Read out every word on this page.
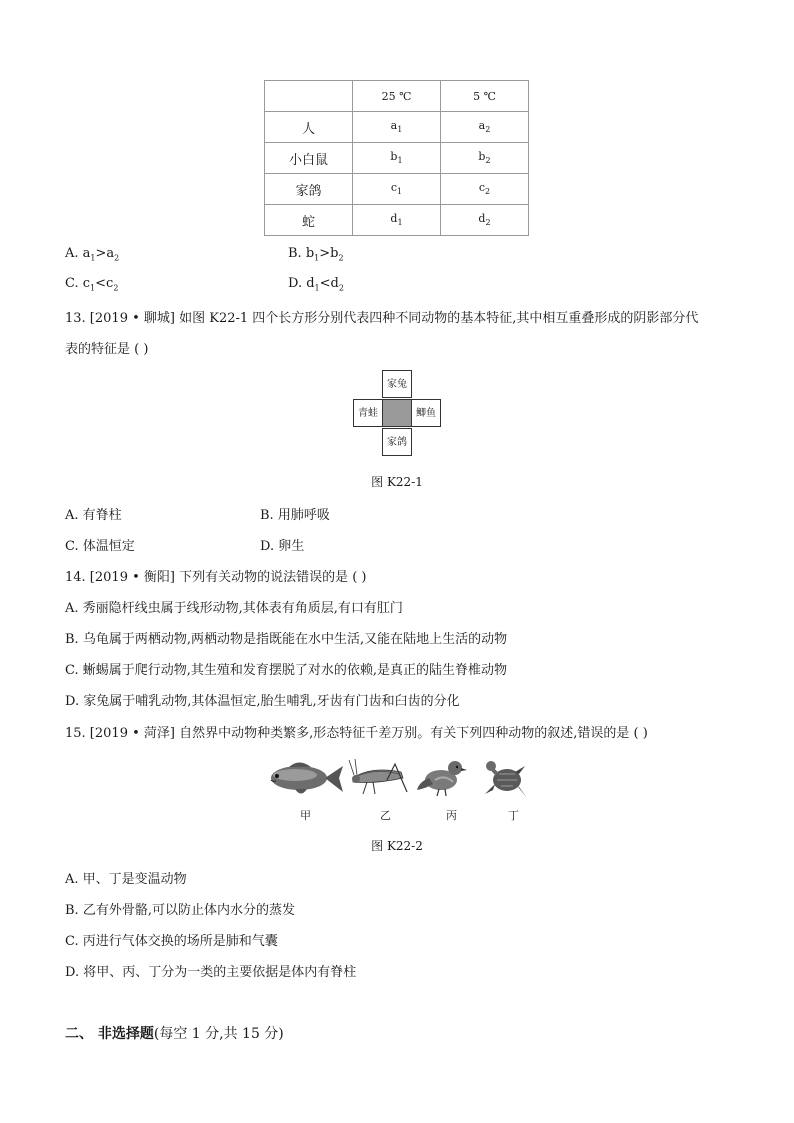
	25 ℃	5 ℃
人	$a_1$	$a_2$
小白鼠	$b_1$	$b_2$
家鸽	$c_1$	$c_2$
蛇	$d_1$	$d_2$
A. $a_1>a_2$	B. $b_1>b_2$
C. $c_1<c_2$	D. $d_1<d_2$
13. [2019 • 聊城] 如图 K22-1 四个长方形分别代表四种不同动物的基本特征,其中相互重叠形成的阴影部分代
表的特征是 ( )
家兔
青蛙	鲫鱼
家鸽
图 K22-1
A. 有脊柱	B. 用肺呼吸
C. 体温恒定	D. 卵生
14. [2019 • 衡阳] 下列有关动物的说法错误的是 ( )
A. 秀丽隐杆线虫属于线形动物,其体表有角质层,有口有肛门
B. 乌龟属于两栖动物,两栖动物是指既能在水中生活,又能在陆地上生活的动物
C. 蜥蜴属于爬行动物,其生殖和发育摆脱了对水的依赖,是真正的陆生脊椎动物
D. 家兔属于哺乳动物,其体温恒定,胎生哺乳,牙齿有门齿和臼齿的分化
15. [2019 • 菏泽] 自然界中动物种类繁多,形态特征千差万别。有关下列四种动物的叙述,错误的是 ( )
甲	乙	丙	丁
图 K22-2
A. 甲、丁是变温动物
B. 乙有外骨骼,可以防止体内水分的蒸发
C. 丙进行气体交换的场所是肺和气囊
D. 将甲、丙、丁分为一类的主要依据是体内有脊柱
二、 非选择题(每空 1 分,共 15 分)
